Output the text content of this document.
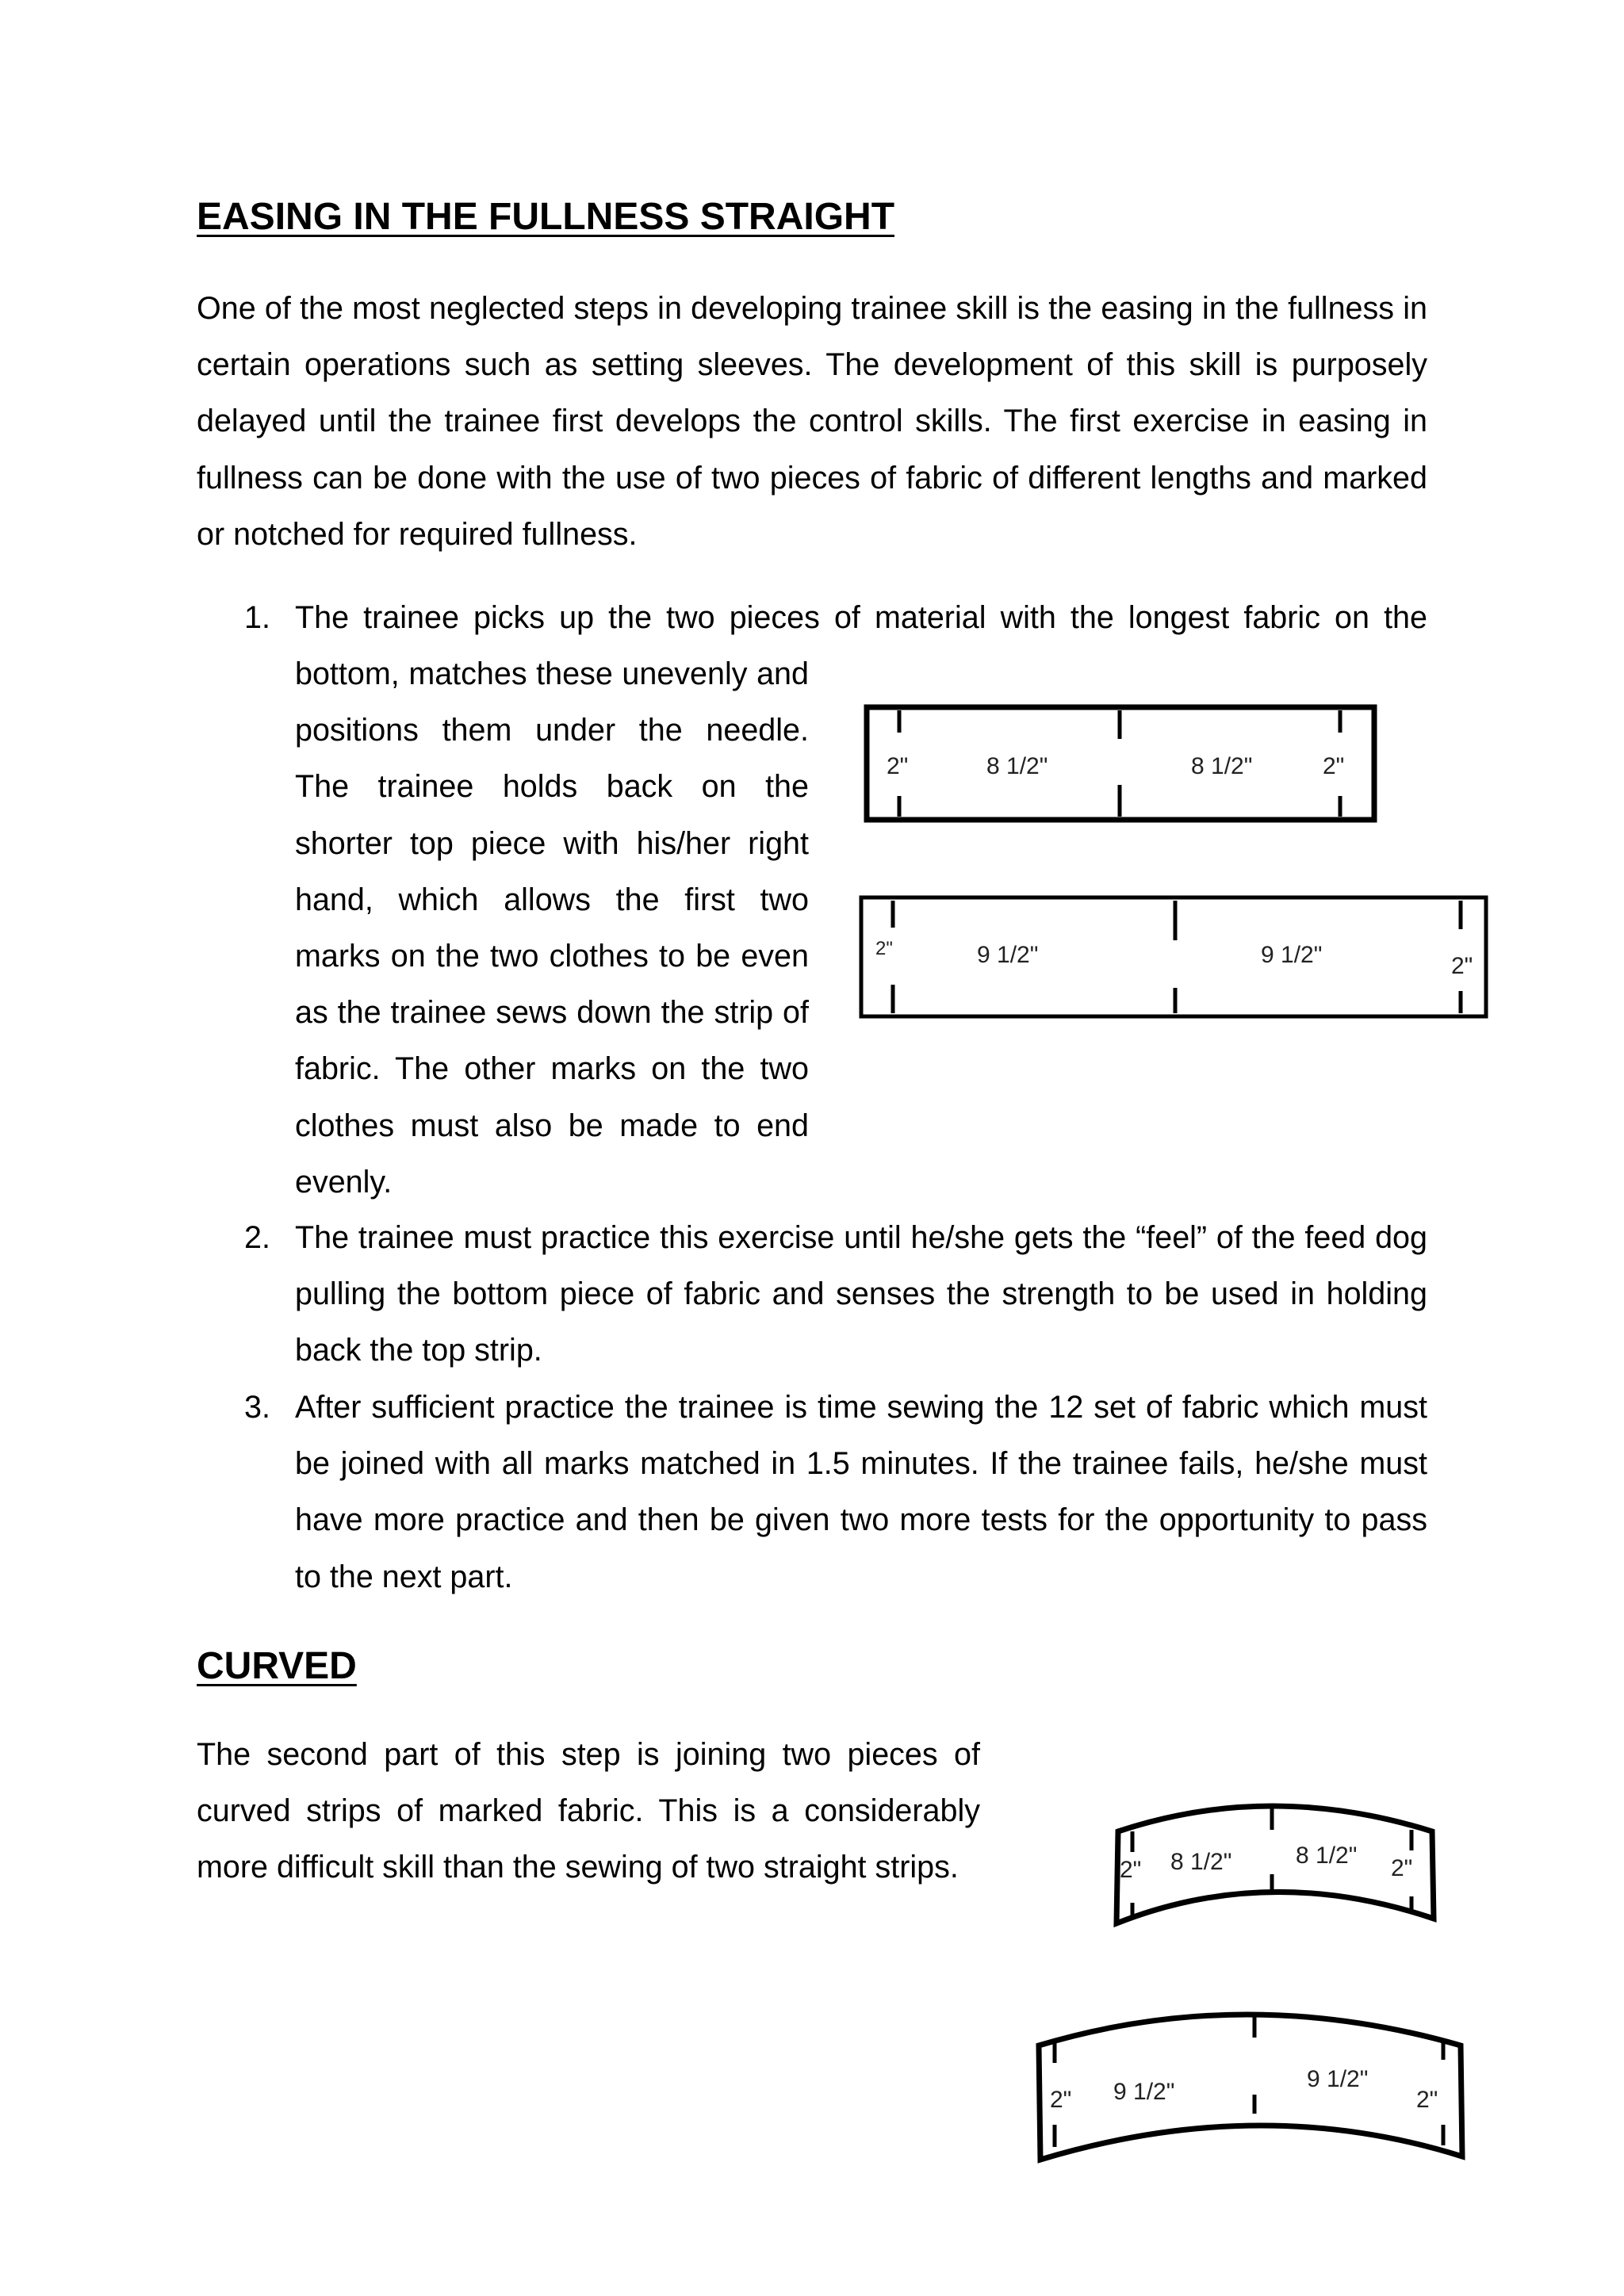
EASING IN THE FULLNESS STRAIGHT

One of the most neglected steps in developing trainee skill is the easing in the fullness in certain operations such as setting sleeves. The development of this skill is purposely delayed until the trainee first develops the control skills. The first exercise in easing in fullness can be done with the use of two pieces of fabric of different lengths and marked or notched for required fullness.

1. The trainee picks up the two pieces of material with the longest fabric on the

bottom, matches these unevenly and positions them under the needle. The trainee holds back on the shorter top piece with his/her right hand, which allows the first two marks on the two clothes to be even as the trainee sews down the strip of fabric. The other marks on the two clothes must also be made to end evenly.

2"	8 1/2"	8 1/2"	2"
2"	9 1/2"	9 1/2"	2"
2. The trainee must practice this exercise until he/she gets the “feel” of the feed dog pulling the bottom piece of fabric and senses the strength to be used in holding back the top strip.

3. After sufficient practice the trainee is time sewing the 12 set of fabric which must be joined with all marks matched in 1.5 minutes. If the trainee fails, he/she must have more practice and then be given two more tests for the opportunity to pass to the next part.

CURVED

The second part of this step is joining two pieces of curved strips of marked fabric. This is a considerably more difficult skill than the sewing of two straight strips.	2" 8 1/2"	8 1/2" 2"
2" 9 1/2"	9 1/2"
2"
